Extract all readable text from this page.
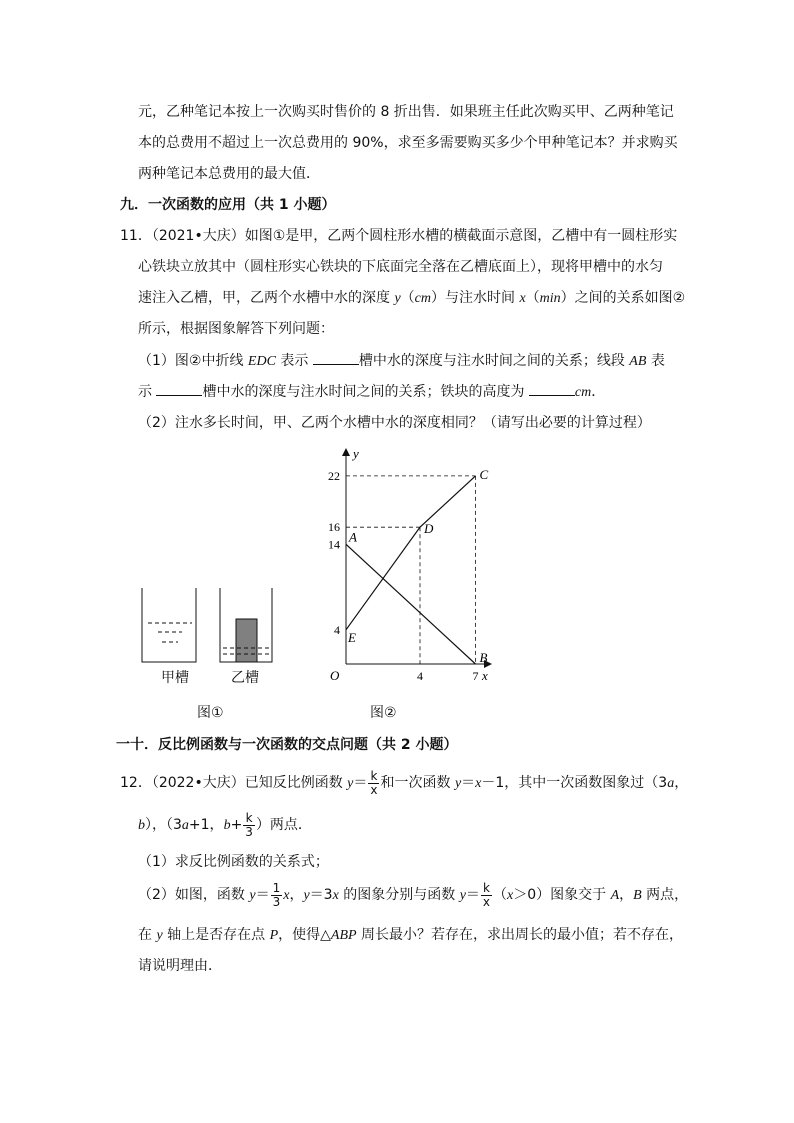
元，乙种笔记本按上一次购买时售价的 8 折出售．如果班主任此次购买甲、乙两种笔记
本的总费用不超过上一次总费用的 90%，求至多需要购买多少个甲种笔记本？并求购买
两种笔记本总费用的最大值．
九．一次函数的应用（共 1 小题）
11．（2021•大庆）如图①是甲，乙两个圆柱形水槽的横截面示意图，乙槽中有一圆柱形实
心铁块立放其中（圆柱形实心铁块的下底面完全落在乙槽底面上），现将甲槽中的水匀
速注入乙槽，甲，乙两个水槽中水的深度 y（cm）与注水时间 x（min）之间的关系如图②
所示，根据图象解答下列问题：
（1）图②中折线 EDC 表示	槽中水的深度与注水时间之间的关系；线段 AB 表
示	槽中水的深度与注水时间之间的关系；铁块的高度为	cm．
（2）注水多长时间，甲、乙两个水槽中水的深度相同？（请写出必要的计算过程）
甲槽	乙槽
图①
y
x
O
22
16
14
4
4	7
A
B
C
D
E
图②
一十．反比例函数与一次函数的交点问题（共 2 小题）
12．（2022•大庆）已知反比例函数 $y= \frac{k}{x}$ 和一次函数 y＝x－1，其中一次函数图象过（3a，
b），（3a+1，$b+ \frac{k}{3}$ ）两点．
（1）求反比例函数的关系式；
（2）如图，函数 $y= \frac{1}{3}$ x，y＝3x 的图象分别与函数 $y= \frac{k}{x} (x>0)$图象交于 A，B 两点，
在 y 轴上是否存在点 P，使得△ABP 周长最小？若存在，求出周长的最小值；若不存在，
请说明理由．
